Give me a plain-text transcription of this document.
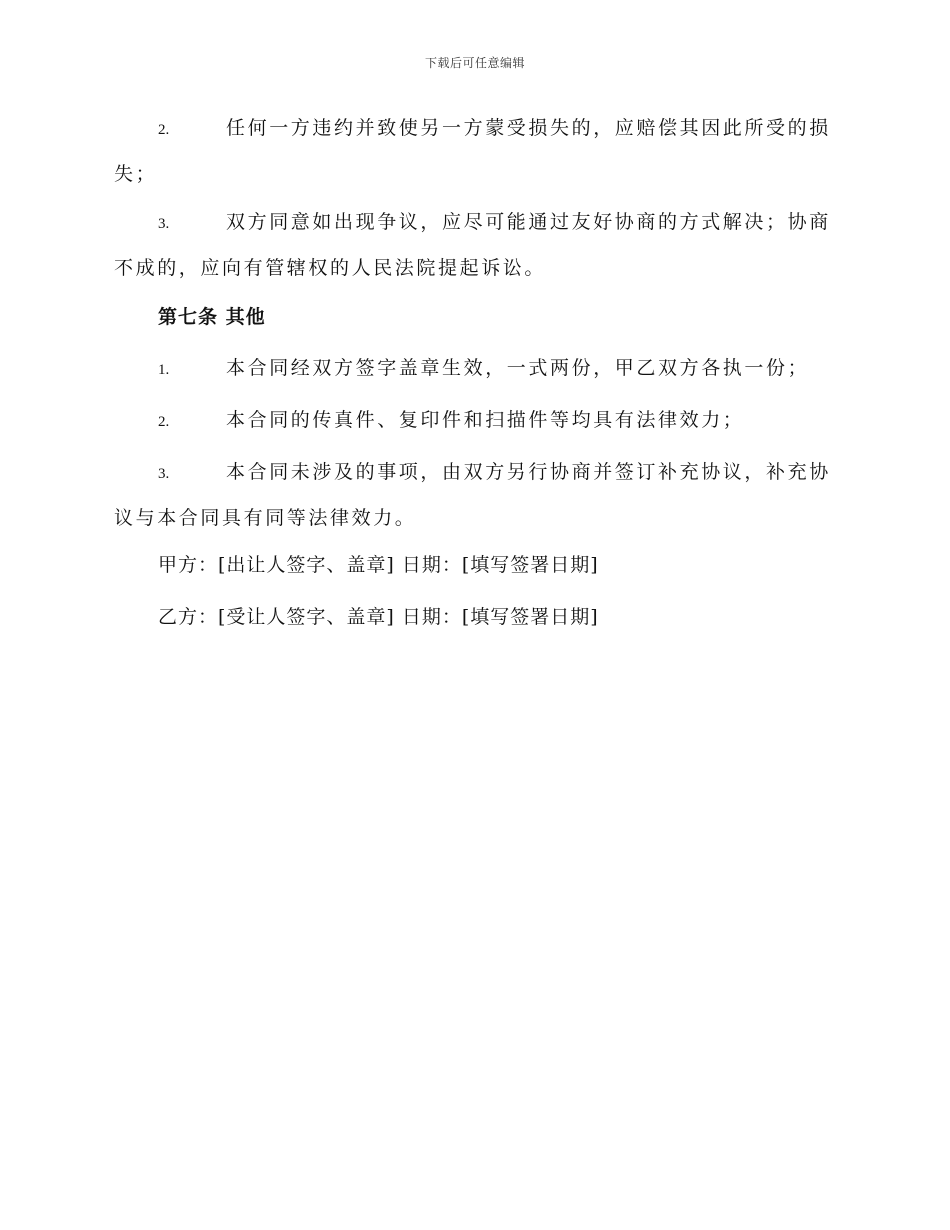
下载后可任意编辑
2.	任何一方违约并致使另一方蒙受损失的，应赔偿其因此所受的损失；
3.	双方同意如出现争议，应尽可能通过友好协商的方式解决；协商不成的，应向有管辖权的人民法院提起诉讼。
第七条 其他
1.	本合同经双方签字盖章生效，一式两份，甲乙双方各执一份；
2.	本合同的传真件、复印件和扫描件等均具有法律效力；
3.	本合同未涉及的事项，由双方另行协商并签订补充协议，补充协议与本合同具有同等法律效力。
甲方：[出让人签字、盖章] 日期：[填写签署日期]
乙方：[受让人签字、盖章] 日期：[填写签署日期]
